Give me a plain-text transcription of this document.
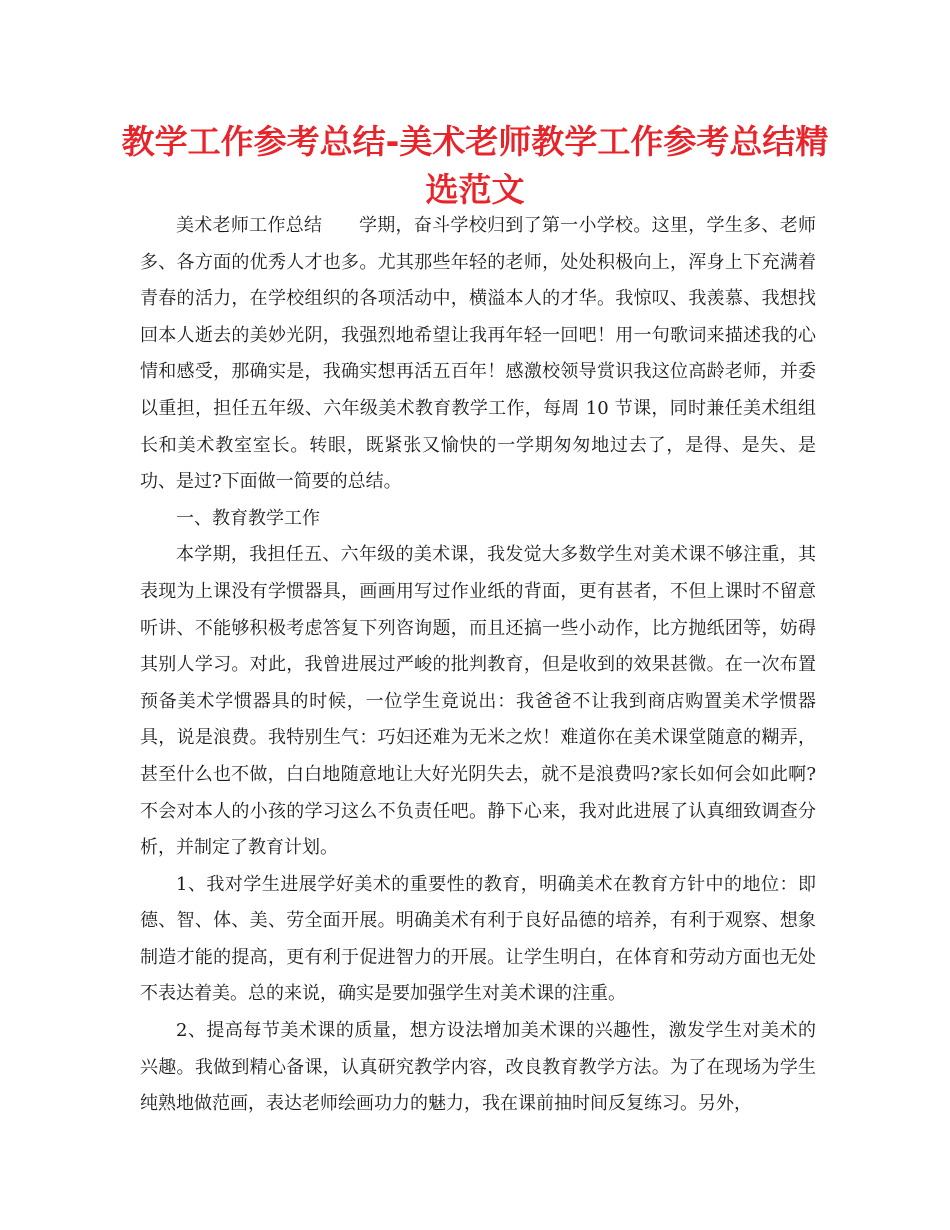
教学工作参考总结-美术老师教学工作参考总结精选范文

美术老师工作总结　　学期，奋斗学校归到了第一小学校。这里，学生多、老师多、各方面的优秀人才也多。尤其那些年轻的老师，处处积极向上，浑身上下充满着青春的活力，在学校组织的各项活动中，横溢本人的才华。我惊叹、我羡慕、我想找回本人逝去的美妙光阴，我强烈地希望让我再年轻一回吧！用一句歌词来描述我的心情和感受，那确实是，我确实想再活五百年！感激校领导赏识我这位高龄老师，并委以重担，担任五年级、六年级美术教育教学工作，每周 10 节课，同时兼任美术组组长和美术教室室长。转眼，既紧张又愉快的一学期匆匆地过去了，是得、是失、是功、是过?下面做一简要的总结。

一、教育教学工作

本学期，我担任五、六年级的美术课，我发觉大多数学生对美术课不够注重，其表现为上课没有学惯器具，画画用写过作业纸的背面，更有甚者，不但上课时不留意听讲、不能够积极考虑答复下列咨询题，而且还搞一些小动作，比方抛纸团等，妨碍其别人学习。对此，我曾进展过严峻的批判教育，但是收到的效果甚微。在一次布置预备美术学惯器具的时候，一位学生竟说出：我爸爸不让我到商店购置美术学惯器具，说是浪费。我特别生气：巧妇还难为无米之炊！难道你在美术课堂随意的糊弄，甚至什么也不做，白白地随意地让大好光阴失去，就不是浪费吗?家长如何会如此啊?不会对本人的小孩的学习这么不负责任吧。静下心来，我对此进展了认真细致调查分析，并制定了教育计划。

1、我对学生进展学好美术的重要性的教育，明确美术在教育方针中的地位：即德、智、体、美、劳全面开展。明确美术有利于良好品德的培养，有利于观察、想象制造才能的提高，更有利于促进智力的开展。让学生明白，在体育和劳动方面也无处不表达着美。总的来说，确实是要加强学生对美术课的注重。

2、提高每节美术课的质量，想方设法增加美术课的兴趣性，激发学生对美术的兴趣。我做到精心备课，认真研究教学内容，改良教育教学方法。为了在现场为学生纯熟地做范画，表达老师绘画功力的魅力，我在课前抽时间反复练习。另外，
